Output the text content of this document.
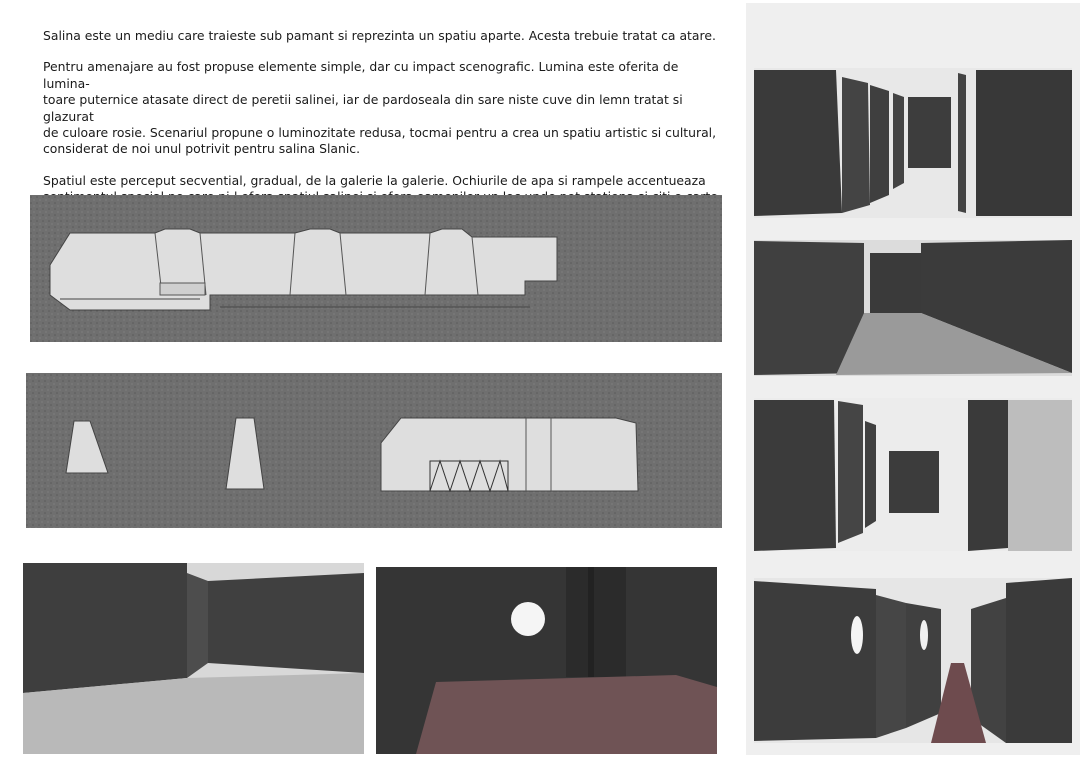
Salina este un mediu care traieste sub pamant si reprezinta un spatiu aparte. Acesta trebuie tratat ca atare.

Pentru amenajare au fost propuse elemente simple, dar cu impact scenografic. Lumina este oferita de lumina-
toare puternice atasate direct de peretii salinei, iar de pardoseala din sare niste cuve din lemn tratat si glazurat
de culoare rosie. Scenariul propune o luminozitate redusa, tocmai pentru a crea un spatiu artistic si cultural,
considerat de noi unul potrivit pentru salina Slanic.

Spatiul este perceput secvential, gradual, de la galerie la galerie. Ochiurile de apa si rampele accentueaza
